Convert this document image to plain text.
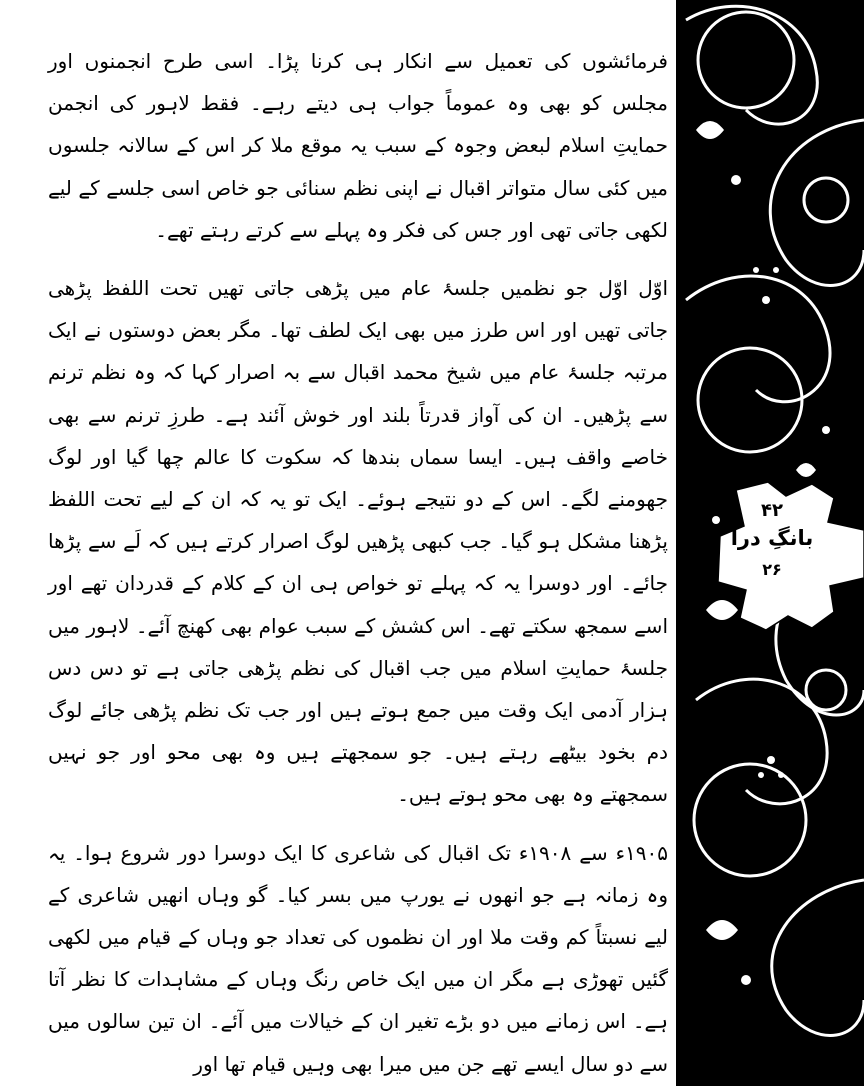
فرمائشوں کی تعمیل سے انکار ہی کرنا پڑا۔ اسی طرح انجمنوں اور مجلس کو بھی وہ عموماً جواب ہی دیتے رہے۔ فقط لاہور کی انجمن حمایتِ اسلام لبعض وجوہ کے سبب یہ موقع ملا کر اس کے سالانہ جلسوں میں کئی سال متواتر اقبال نے اپنی نظم سنائی جو خاص اسی جلسے کے لیے لکھی جاتی تھی اور جس کی فکر وہ پہلے سے کرتے رہتے تھے۔

اوّل اوّل جو نظمیں جلسۂ عام میں پڑھی جاتی تھیں تحت اللفظ پڑھی جاتی تھیں اور اس طرز میں بھی ایک لطف تھا۔ مگر بعض دوستوں نے ایک مرتبہ جلسۂ عام میں شیخ محمد اقبال سے بہ اصرار کہا کہ وہ نظم ترنم سے پڑھیں۔ ان کی آواز قدرتاً بلند اور خوش آئند ہے۔ طرزِ ترنم سے بھی خاصے واقف ہیں۔ ایسا سماں بندھا کہ سکوت کا عالم چھا گیا اور لوگ جھومنے لگے۔ اس کے دو نتیجے ہوئے۔ ایک تو یہ کہ ان کے لیے تحت اللفظ پڑھنا مشکل ہو گیا۔ جب کبھی پڑھیں لوگ اصرار کرتے ہیں کہ لَے سے پڑھا جائے۔ اور دوسرا یہ کہ پہلے تو خواص ہی ان کے کلام کے قدردان تھے اور اسے سمجھ سکتے تھے۔ اس کشش کے سبب عوام بھی کھنچ آئے۔ لاہور میں جلسۂ حمایتِ اسلام میں جب اقبال کی نظم پڑھی جاتی ہے تو دس دس ہزار آدمی ایک وقت میں جمع ہوتے ہیں اور جب تک نظم پڑھی جائے لوگ دم بخود بیٹھے رہتے ہیں۔ جو سمجھتے ہیں وہ بھی محو اور جو نہیں سمجھتے وہ بھی محو ہوتے ہیں۔

۱۹۰۵ء سے ۱۹۰۸ء تک اقبال کی شاعری کا ایک دوسرا دور شروع ہوا۔ یہ وہ زمانہ ہے جو انھوں نے یورپ میں بسر کیا۔ گو وہاں انھیں شاعری کے لیے نسبتاً کم وقت ملا اور ان نظموں کی تعداد جو وہاں کے قیام میں لکھی گئیں تھوڑی ہے مگر ان میں ایک خاص رنگ وہاں کے مشاہدات کا نظر آتا ہے۔ اس زمانے میں دو بڑے تغیر ان کے خیالات میں آئے۔ ان تین سالوں میں سے دو سال ایسے تھے جن میں میرا بھی وہیں قیام تھا اور

۴۲
بانگِ درا
۲۶
